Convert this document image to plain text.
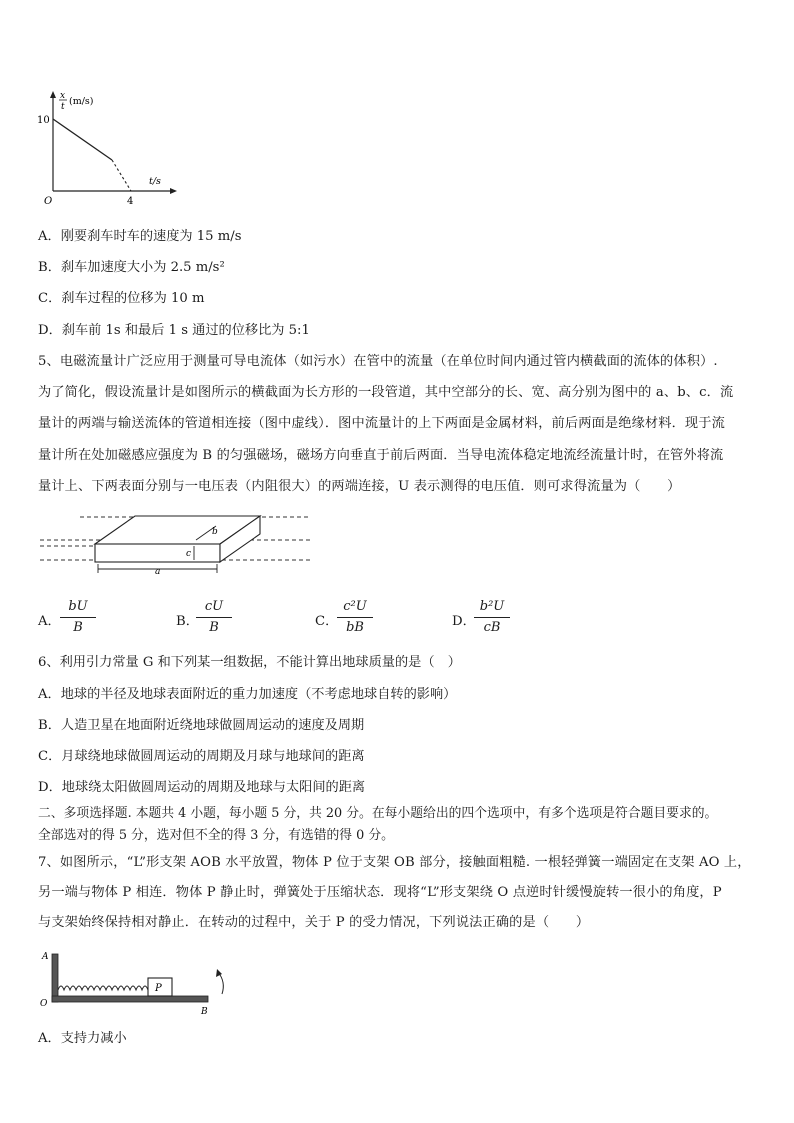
x
t (m/s)
10
4
t/s
O
A．刚要刹车时车的速度为 15 m/s
B．刹车加速度大小为 2.5 m/s²
C．刹车过程的位移为 10 m
D．刹车前 1s 和最后 1 s 通过的位移比为 5:1
5、电磁流量计广泛应用于测量可导电流体（如污水）在管中的流量（在单位时间内通过管内横截面的流体的体积）.
为了简化，假设流量计是如图所示的横截面为长方形的一段管道，其中空部分的长、宽、高分别为图中的 a、b、c．流
量计的两端与输送流体的管道相连接（图中虚线）．图中流量计的上下两面是金属材料，前后两面是绝缘材料．现于流
量计所在处加磁感应强度为 B 的匀强磁场，磁场方向垂直于前后两面．当导电流体稳定地流经流量计时，在管外将流
量计上、下两表面分别与一电压表（内阻很大）的两端连接，U 表示测得的电压值．则可求得流量为（　　）
a
b
c
A．
bU
B	B．
cU
B	C．
c²U
bB	D．
b²U
cB
6、利用引力常量 G 和下列某一组数据，不能计算出地球质量的是（　）
A．地球的半径及地球表面附近的重力加速度（不考虑地球自转的影响）
B．人造卫星在地面附近绕地球做圆周运动的速度及周期
C．月球绕地球做圆周运动的周期及月球与地球间的距离
D．地球绕太阳做圆周运动的周期及地球与太阳间的距离
二、多项选择题. 本题共 4 小题，每小题 5 分，共 20 分。在每小题给出的四个选项中，有多个选项是符合题目要求的。
全部选对的得 5 分，选对但不全的得 3 分，有选错的得 0 分。
7、如图所示，“L”形支架 AOB 水平放置，物体 P 位于支架 OB 部分，接触面粗糙. 一根轻弹簧一端固定在支架 AO 上，
另一端与物体 P 相连．物体 P 静止时，弹簧处于压缩状态．现将“L”形支架绕 O 点逆时针缓慢旋转一很小的角度，P
与支架始终保持相对静止．在转动的过程中，关于 P 的受力情况，下列说法正确的是（　　）
A
O
B
P
A．支持力减小
